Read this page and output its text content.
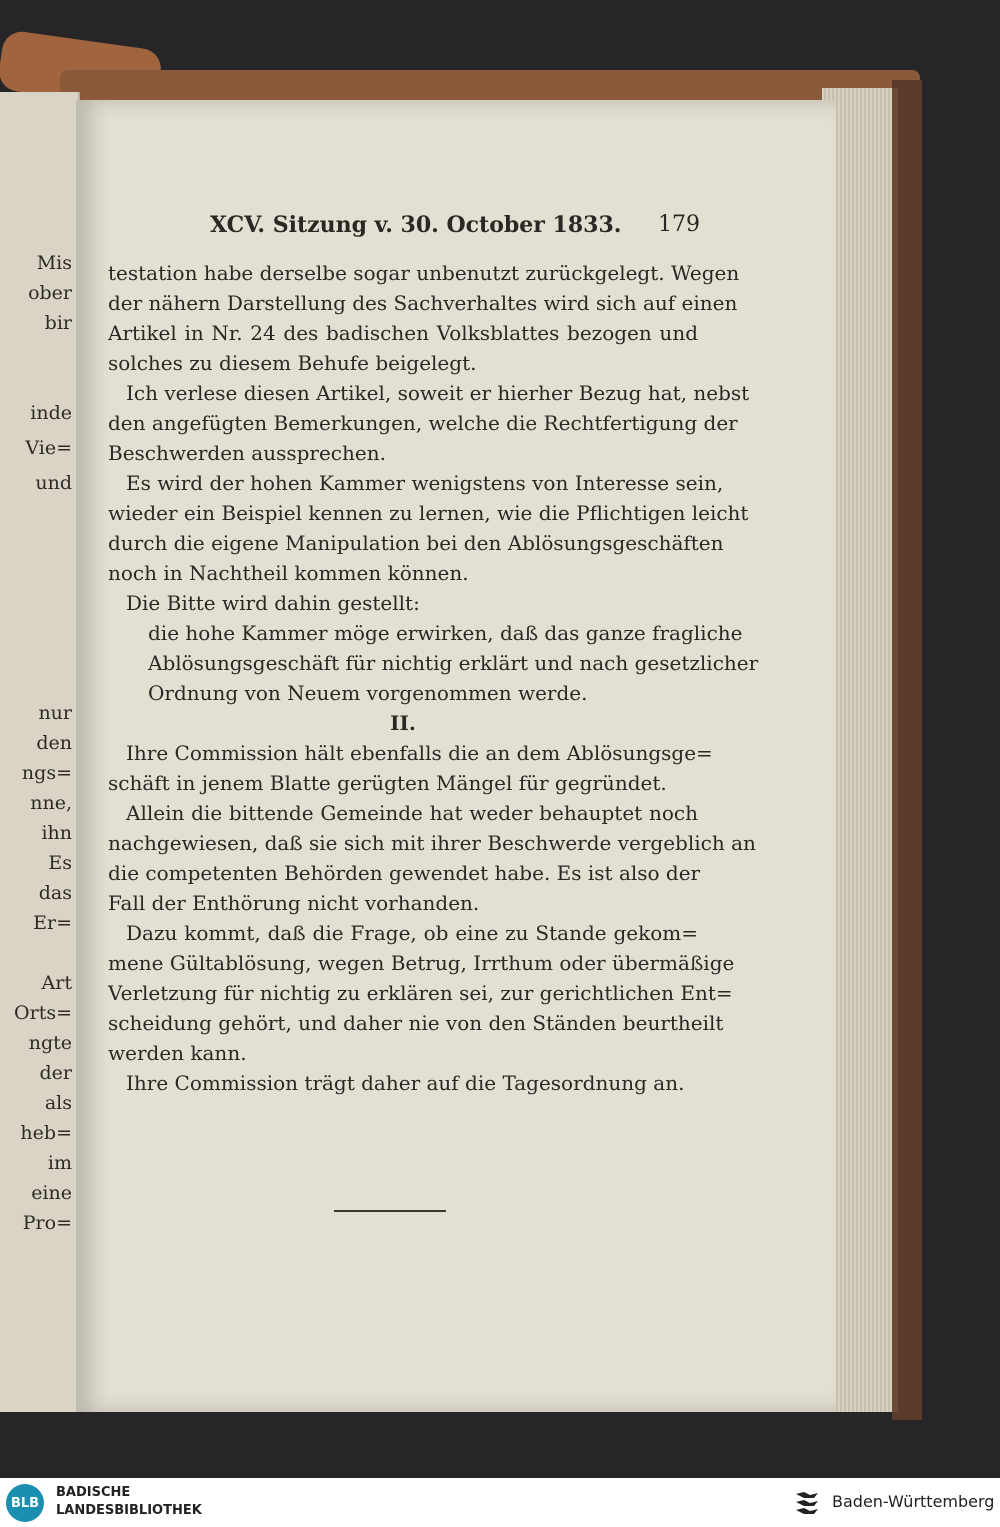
Mis
ober
bir
inde
Vie=
und
nur
den
ngs=
nne,
ihn
Es
das
Er=
Art
Orts=
ngte
der
als
heb=
im
eine
Pro=
XCV. Sitzung v. 30. October 1833. 179
testation habe derselbe sogar unbenutzt zurückgelegt. Wegen
der nähern Darstellung des Sachverhaltes wird sich auf einen
Artikel in Nr. 24 des badischen Volksblattes bezogen und
solches zu diesem Behufe beigelegt.
Ich verlese diesen Artikel, soweit er hierher Bezug hat, nebst
den angefügten Bemerkungen, welche die Rechtfertigung der
Beschwerden aussprechen.
Es wird der hohen Kammer wenigstens von Interesse sein,
wieder ein Beispiel kennen zu lernen, wie die Pflichtigen leicht
durch die eigene Manipulation bei den Ablösungsgeschäften
noch in Nachtheil kommen können.
Die Bitte wird dahin gestellt:
die hohe Kammer möge erwirken, daß das ganze fragliche
Ablösungsgeschäft für nichtig erklärt und nach gesetzlicher
Ordnung von Neuem vorgenommen werde.
II.
Ihre Commission hält ebenfalls die an dem Ablösungsge=
schäft in jenem Blatte gerügten Mängel für gegründet.
Allein die bittende Gemeinde hat weder behauptet noch
nachgewiesen, daß sie sich mit ihrer Beschwerde vergeblich an
die competenten Behörden gewendet habe. Es ist also der
Fall der Enthörung nicht vorhanden.
Dazu kommt, daß die Frage, ob eine zu Stande gekom=
mene Gültablösung, wegen Betrug, Irrthum oder übermäßige
Verletzung für nichtig zu erklären sei, zur gerichtlichen Ent=
scheidung gehört, und daher nie von den Ständen beurtheilt
werden kann.
Ihre Commission trägt daher auf die Tagesordnung an.
BLB
BADISCHE
LANDESBIBLIOTHEK	Baden-Württemberg
